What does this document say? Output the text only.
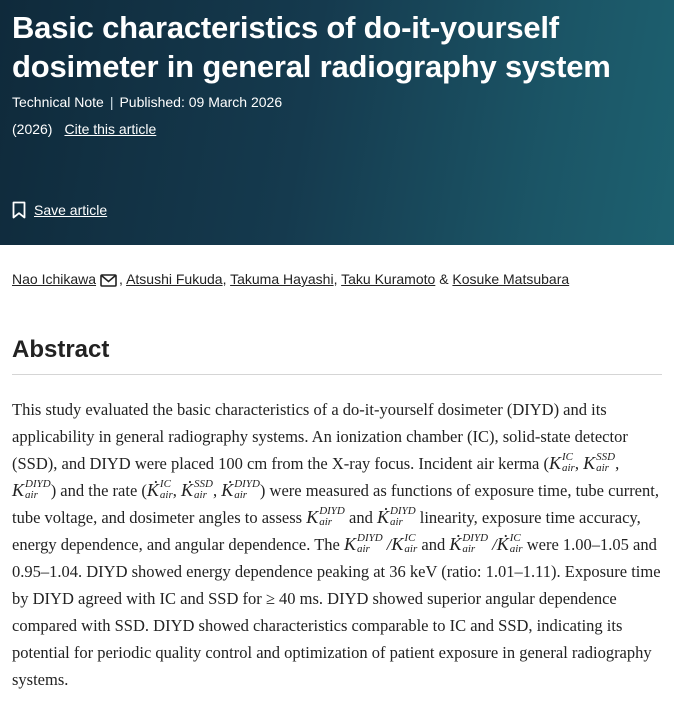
Basic characteristics of do-it-yourself dosimeter in general radiography system
Technical Note | Published: 09 March 2026
(2026) Cite this article
Save article
Nao Ichikawa , Atsushi Fukuda, Takuma Hayashi, Taku Kuramoto & Kosuke Matsubara
Abstract

This study evaluated the basic characteristics of a do-it-yourself dosimeter (DIYD) and its applicability in general radiography systems. An ionization chamber (IC), solid-state detector (SSD), and DIYD were placed 100 cm from the X-ray focus. Incident air kerma (K IC
air , K SSD
air , K DIYD
air ) and the rate (· K IC
air , · K SSD
air , · K DIYD
air ) were measured as functions of exposure time, tube current, tube voltage, and dosimeter angles to assess K DIYD
air and · K DIYD
air linearity, exposure time accuracy, energy dependence, and angular dependence. The K DIYD
air	/K IC
air and · K DIYD
air	/· K IC
air were 1.00–1.05 and 0.95–1.04. DIYD showed energy dependence peaking at 36 keV (ratio: 1.01–1.11). Exposure time by DIYD agreed with IC and SSD for ≥ 40 ms. DIYD showed superior angular dependence compared with SSD. DIYD showed characteristics comparable to IC and SSD, indicating its potential for periodic quality control and optimization of patient exposure in general radiography systems.
